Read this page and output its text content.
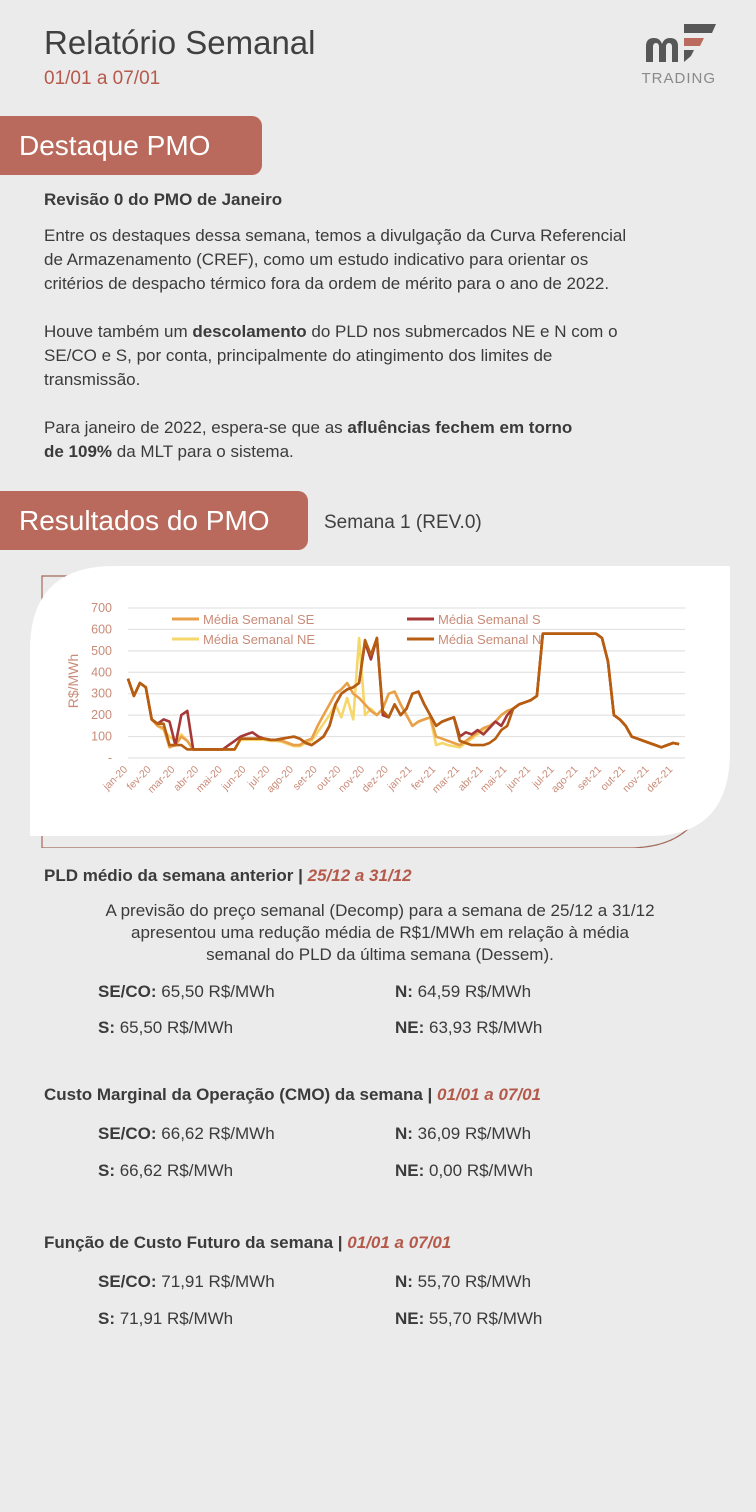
Relatório Semanal
01/01 a 07/01	TRADING
Destaque PMO
Revisão 0 do PMO de Janeiro
Entre os destaques dessa semana, temos a divulgação da Curva Referencial
de Armazenamento (CREF), como um estudo indicativo para orientar os
critérios de despacho térmico fora da ordem de mérito para o ano de 2022.
Houve também um descolamento do PLD nos submercados NE e N com o
SE/CO e S, por conta, principalmente do atingimento dos limites de
transmissão.
Para janeiro de 2022, espera-se que as afluências fechem em torno
de 109% da MLT para o sistema.
Resultados do PMO	Semana 1 (REV.0)
-
100
200
300
400
500
600
700
R$/MWh
jan-20
fev-20
mar-20
abr-20
mai-20
jun-20
jul-20
ago-20
set-20
out-20
nov-20
dez-20
jan-21
fev-21
mar-21
abr-21
mai-21
jun-21
jul-21
ago-21
set-21
out-21
nov-21
dez-21
Média Semanal SE	Média Semanal S
Média Semanal NE	Média Semanal N
PLD médio da semana anterior | 25/12 a 31/12
A previsão do preço semanal (Decomp) para a semana de 25/12 a 31/12
apresentou uma redução média de R$1/MWh em relação à média
semanal do PLD da última semana (Dessem).
SE/CO: 65,50 R$/MWh	N: 64,59 R$/MWh
S: 65,50 R$/MWh	NE: 63,93 R$/MWh
Custo Marginal da Operação (CMO) da semana | 01/01 a 07/01
SE/CO: 66,62 R$/MWh	N: 36,09 R$/MWh
S: 66,62 R$/MWh	NE: 0,00 R$/MWh
Função de Custo Futuro da semana | 01/01 a 07/01
SE/CO: 71,91 R$/MWh	N: 55,70 R$/MWh
S: 71,91 R$/MWh	NE: 55,70 R$/MWh
